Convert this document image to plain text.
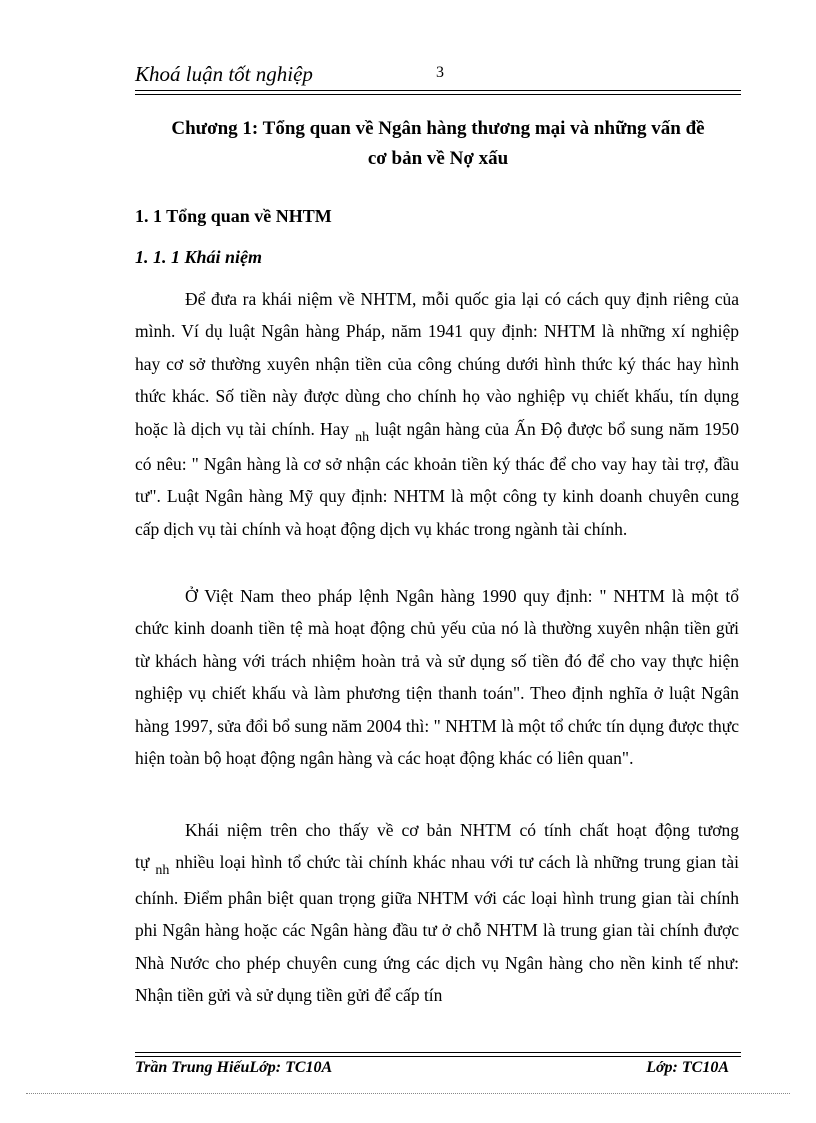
Khoá luận tốt nghiệp	3
Chương 1: Tổng quan về Ngân hàng thương mại và những vấn đề
cơ bản về Nợ xấu
1. 1 Tổng quan về NHTM
1. 1. 1 Khái niệm

Để đưa ra khái niệm về NHTM, mỗi quốc gia lại có cách quy định riêng của mình. Ví dụ luật Ngân hàng Pháp, năm 1941 quy định: NHTM là những xí nghiệp hay cơ sở thường xuyên nhận tiền của công chúng dưới hình thức ký thác hay hình thức khác. Số tiền này được dùng cho chính họ vào nghiệp vụ chiết khấu, tín dụng hoặc là dịch vụ tài chính. Hay $_{nh}$ luật ngân hàng của Ấn Độ được bổ sung năm 1950 có nêu: " Ngân hàng là cơ sở nhận các khoản tiền ký thác để cho vay hay tài trợ, đầu tư". Luật Ngân hàng Mỹ quy định: NHTM là một công ty kinh doanh chuyên cung cấp dịch vụ tài chính và hoạt động dịch vụ khác trong ngành tài chính.

Ở Việt Nam theo pháp lệnh Ngân hàng 1990 quy định: " NHTM là một tổ chức kinh doanh tiền tệ mà hoạt động chủ yếu của nó là thường xuyên nhận tiền gửi từ khách hàng với trách nhiệm hoàn trả và sử dụng số tiền đó để cho vay thực hiện nghiệp vụ chiết khấu và làm phương tiện thanh toán". Theo định nghĩa ở luật Ngân hàng 1997, sửa đổi bổ sung năm 2004 thì: " NHTM là một tổ chức tín dụng được thực hiện toàn bộ hoạt động ngân hàng và các hoạt động khác có liên quan".

Khái niệm trên cho thấy về cơ bản NHTM có tính chất hoạt động tương tự $_{nh}$ nhiều loại hình tổ chức tài chính khác nhau với tư cách là những trung gian tài chính. Điểm phân biệt quan trọng giữa NHTM với các loại hình trung gian tài chính phi Ngân hàng hoặc các Ngân hàng đầu tư ở chỗ NHTM là trung gian tài chính được Nhà Nước cho phép chuyên cung ứng các dịch vụ Ngân hàng cho nền kinh tế như: Nhận tiền gửi và sử dụng tiền gửi để cấp tín

Trần Trung HiếuLớp: TC10A	Lớp: TC10A
